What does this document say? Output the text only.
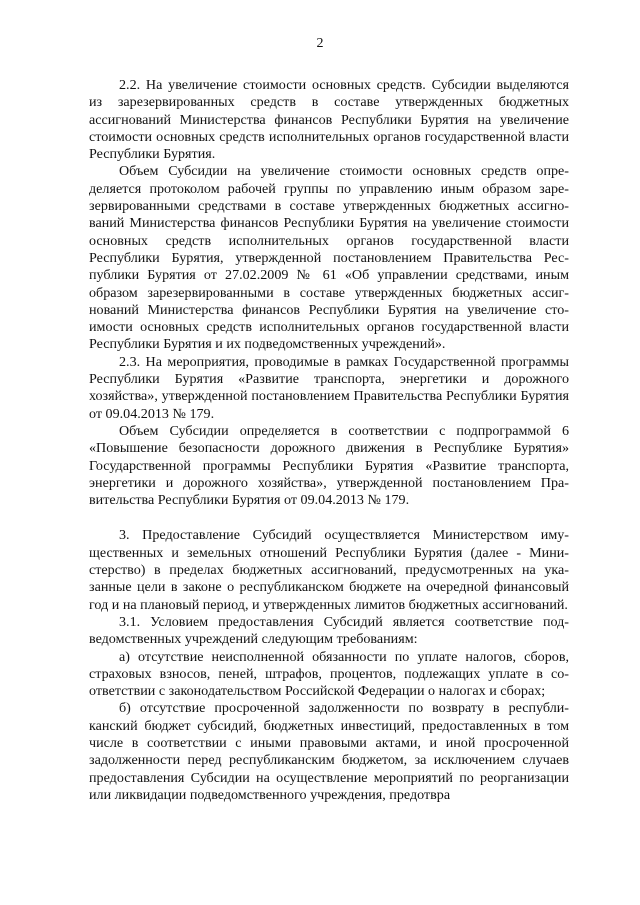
2

2.2. На увеличение стоимости основных средств. Субсидии выделяются из зарезервированных средств в составе утвержденных бюджетных ассигнований Министерства финансов Республики Бурятия на увеличение стоимости основных средств исполнительных органов государственной власти Республики Бурятия.

Объем Субсидии на увеличение стоимости основных средств определяется протоколом рабочей группы по управлению иным образом зарезервированными средствами в составе утвержденных бюджетных ассигнований Министерства финансов Республики Бурятия на увеличение стоимости основных средств исполнительных органов государственной власти Республики Бурятия, утвержденной постановлением Правительства Республики Бурятия от 27.02.2009 № 61 «Об управлении средствами, иным образом зарезервированными в составе утвержденных бюджетных ассигнований Министерства финансов Республики Бурятия на увеличение стоимости основных средств исполнительных органов государственной власти Республики Бурятия и их подведомственных учреждений».

2.3. На мероприятия, проводимые в рамках Государственной программы Республики Бурятия «Развитие транспорта, энергетики и дорожного хозяйства», утвержденной постановлением Правительства Республики Бурятия от 09.04.2013 № 179.

Объем Субсидии определяется в соответствии с подпрограммой 6 «Повышение безопасности дорожного движения в Республике Бурятия» Государственной программы Республики Бурятия «Развитие транспорта, энергетики и дорожного хозяйства», утвержденной постановлением Правительства Республики Бурятия от 09.04.2013 № 179.

3. Предоставление Субсидий осуществляется Министерством имущественных и земельных отношений Республики Бурятия (далее - Министерство) в пределах бюджетных ассигнований, предусмотренных на указанные цели в законе о республиканском бюджете на очередной финансовый год и на плановый период, и утвержденных лимитов бюджетных ассигнований.

3.1. Условием предоставления Субсидий является соответствие подведомственных учреждений следующим требованиям:

а) отсутствие неисполненной обязанности по уплате налогов, сборов, страховых взносов, пеней, штрафов, процентов, подлежащих уплате в соответствии с законодательством Российской Федерации о налогах и сборах;

б) отсутствие просроченной задолженности по возврату в республиканский бюджет субсидий, бюджетных инвестиций, предоставленных в том числе в соответствии с иными правовыми актами, и иной просроченной задолженности перед республиканским бюджетом, за исключением случаев предоставления Субсидии на осуществление мероприятий по реорганизации или ликвидации подведомственного учреждения, предотвра
